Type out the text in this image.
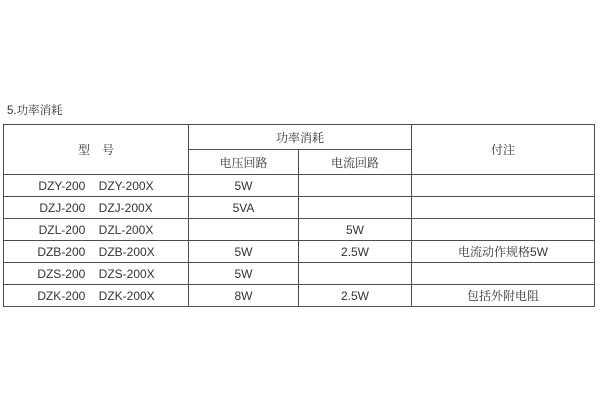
5.功率消耗
型　号	功率消耗		付注
	电压回路	电流回路	
DZY-200    DZY-200X	5W		
DZJ-200    DZJ-200X	5VA		
DZL-200    DZL-200X		5W	
DZB-200    DZB-200X	5W	2.5W	电流动作规格5W
DZS-200    DZS-200X	5W		
DZK-200    DZK-200X	8W	2.5W	包括外附电阻
